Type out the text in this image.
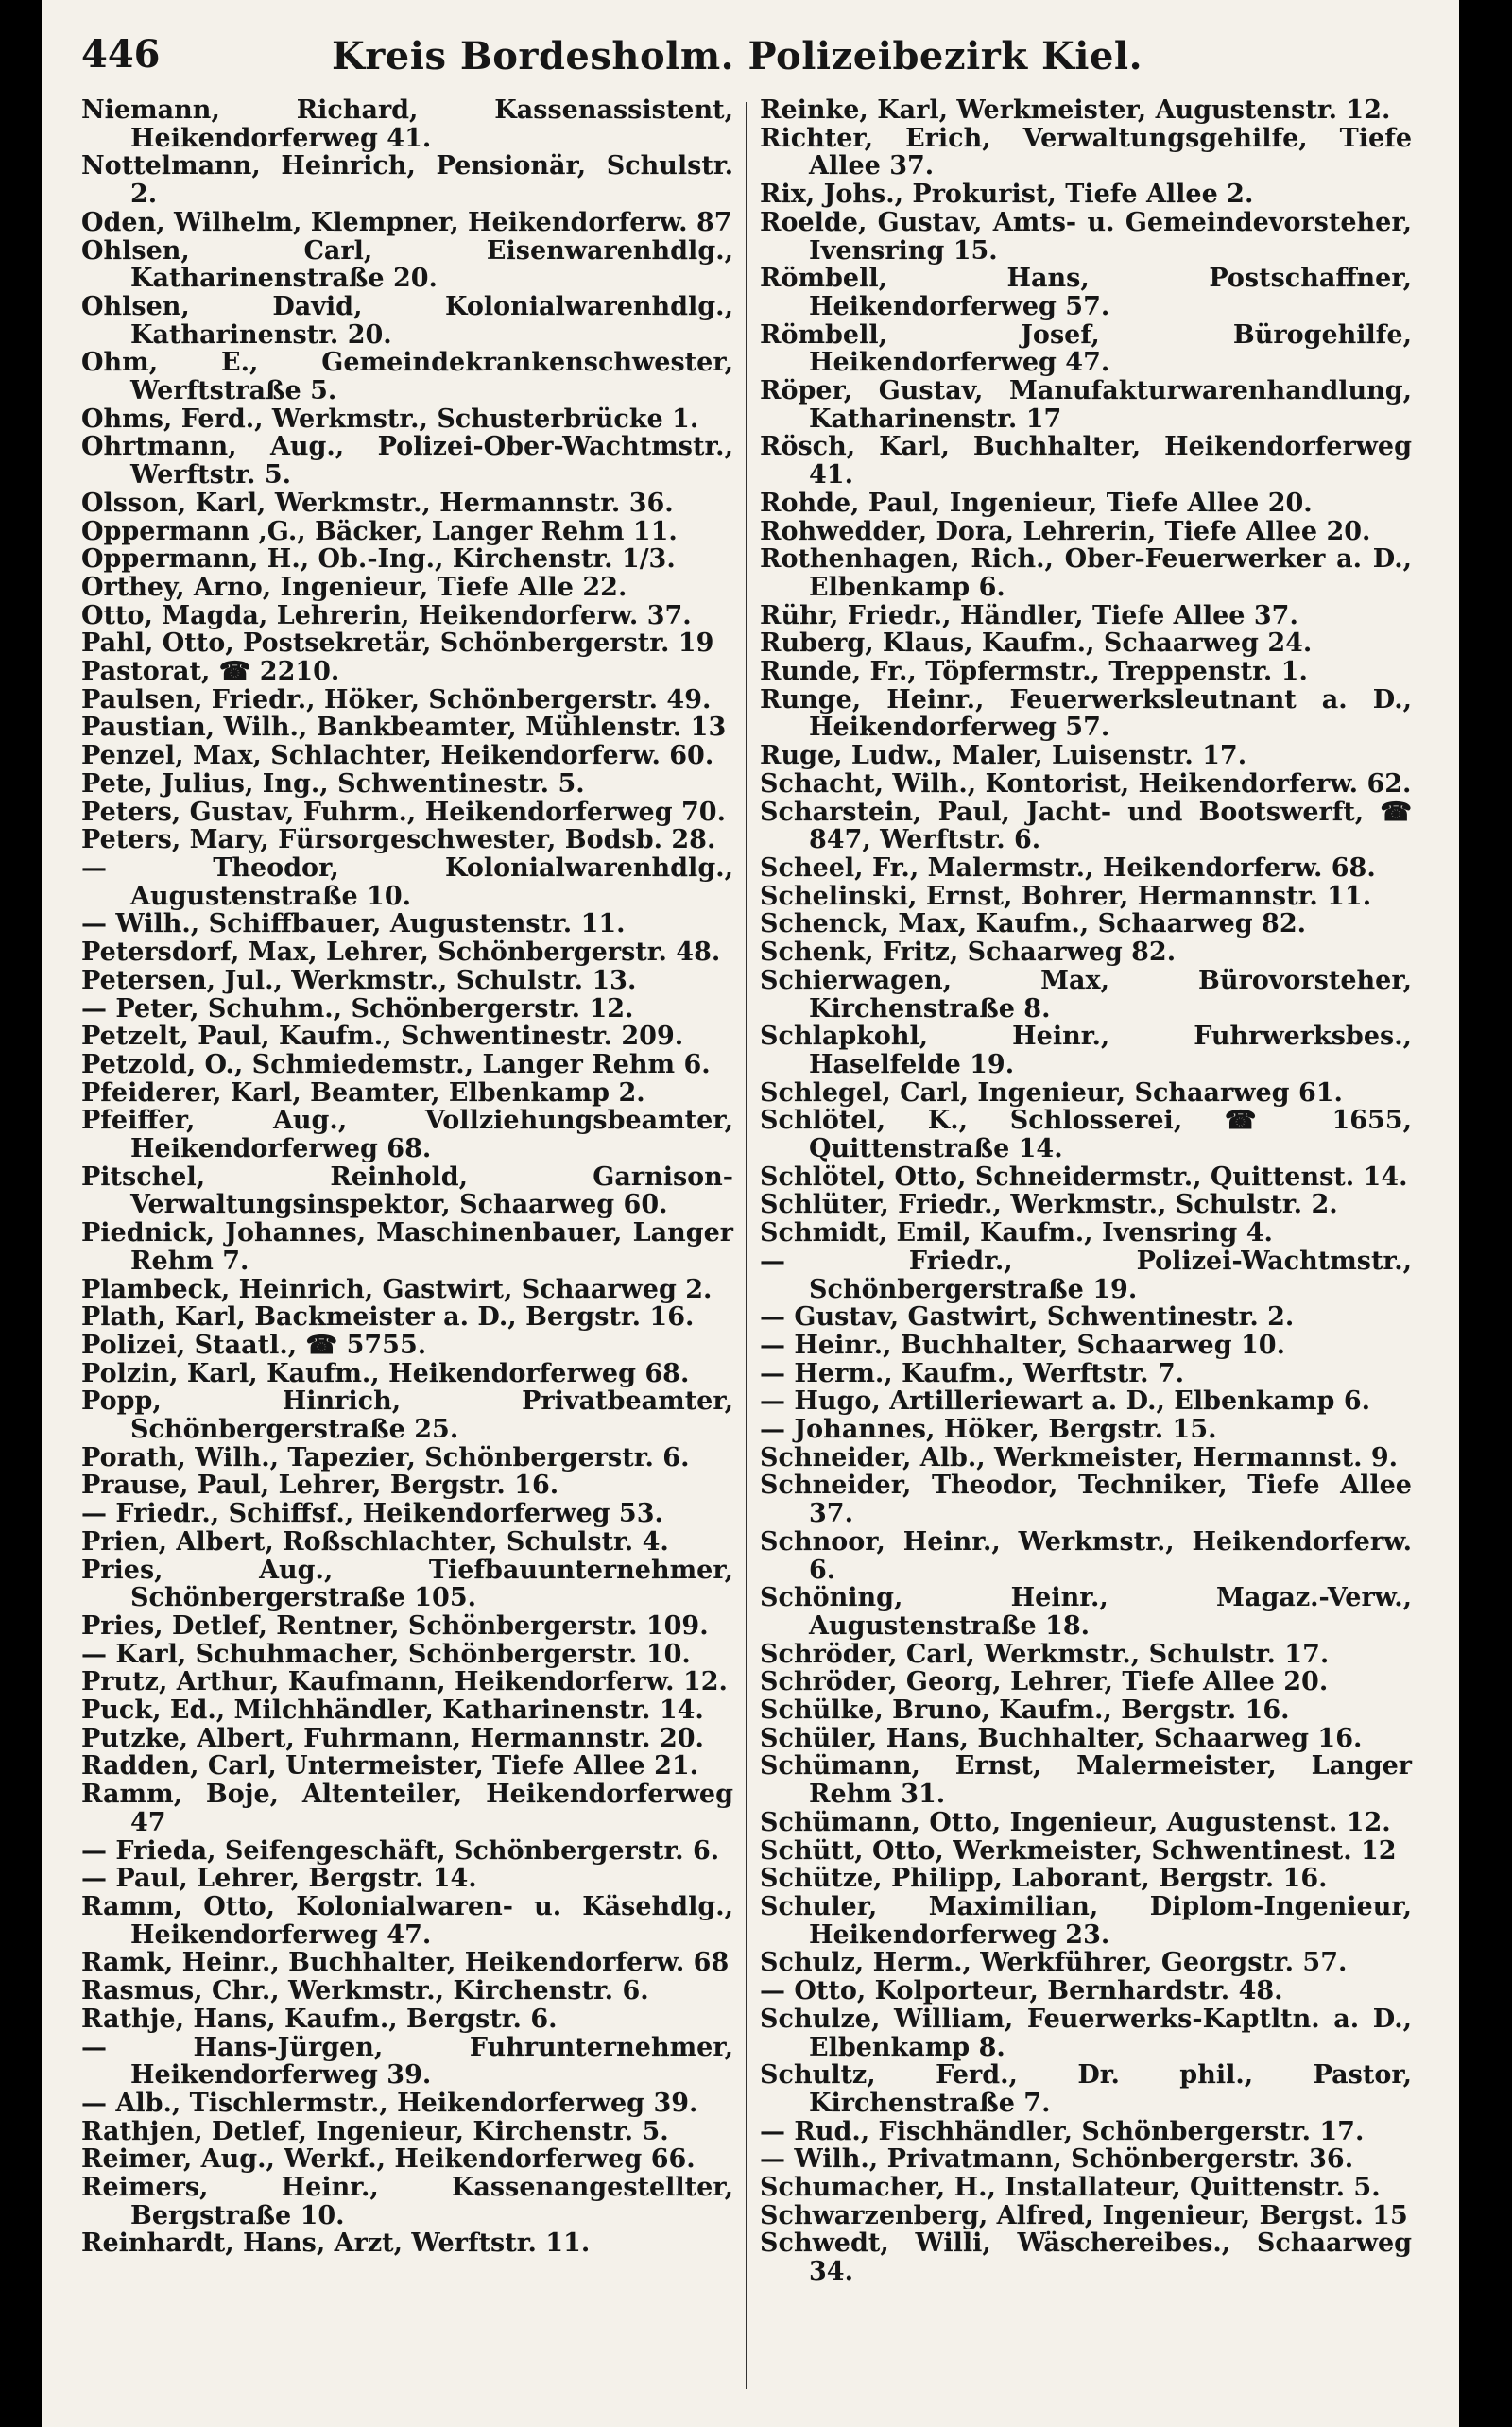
446	Kreis Bordesholm. Polizeibezirk Kiel.

Niemann, Richard, Kassenassistent, Heikendorferweg 41.

Nottelmann, Heinrich, Pensionär, Schulstr. 2.

Oden, Wilhelm, Klempner, Heikendorferw. 87

Ohlsen, Carl, Eisenwarenhdlg., Katharinenstraße 20.

Ohlsen, David, Kolonialwarenhdlg., Katharinenstr. 20.

Ohm, E., Gemeindekrankenschwester, Werftstraße 5.

Ohms, Ferd., Werkmstr., Schusterbrücke 1.

Ohrtmann, Aug., Polizei-Ober-Wachtmstr., Werftstr. 5.

Olsson, Karl, Werkmstr., Hermannstr. 36.

Oppermann ,G., Bäcker, Langer Rehm 11.

Oppermann, H., Ob.-Ing., Kirchenstr. 1/3.

Orthey, Arno, Ingenieur, Tiefe Alle 22.

Otto, Magda, Lehrerin, Heikendorferw. 37.

Pahl, Otto, Postsekretär, Schönbergerstr. 19

Pastorat, ☎ 2210.

Paulsen, Friedr., Höker, Schönbergerstr. 49.

Paustian, Wilh., Bankbeamter, Mühlenstr. 13

Penzel, Max, Schlachter, Heikendorferw. 60.

Pete, Julius, Ing., Schwentinestr. 5.

Peters, Gustav, Fuhrm., Heikendorferweg 70.

Peters, Mary, Fürsorgeschwester, Bodsb. 28.

— Theodor, Kolonialwarenhdlg., Augustenstraße 10.

— Wilh., Schiffbauer, Augustenstr. 11.

Petersdorf, Max, Lehrer, Schönbergerstr. 48.

Petersen, Jul., Werkmstr., Schulstr. 13.

— Peter, Schuhm., Schönbergerstr. 12.

Petzelt, Paul, Kaufm., Schwentinestr. 209.

Petzold, O., Schmiedemstr., Langer Rehm 6.

Pfeiderer, Karl, Beamter, Elbenkamp 2.

Pfeiffer, Aug., Vollziehungsbeamter, Heikendorferweg 68.

Pitschel, Reinhold, Garnison-Verwaltungsinspektor, Schaarweg 60.

Piednick, Johannes, Maschinenbauer, Langer Rehm 7.

Plambeck, Heinrich, Gastwirt, Schaarweg 2.

Plath, Karl, Backmeister a. D., Bergstr. 16.

Polizei, Staatl., ☎ 5755.

Polzin, Karl, Kaufm., Heikendorferweg 68.

Popp, Hinrich, Privatbeamter, Schönbergerstraße 25.

Porath, Wilh., Tapezier, Schönbergerstr. 6.

Prause, Paul, Lehrer, Bergstr. 16.

— Friedr., Schiffsf., Heikendorferweg 53.

Prien, Albert, Roßschlachter, Schulstr. 4.

Pries, Aug., Tiefbauunternehmer, Schönbergerstraße 105.

Pries, Detlef, Rentner, Schönbergerstr. 109.

— Karl, Schuhmacher, Schönbergerstr. 10.

Prutz, Arthur, Kaufmann, Heikendorferw. 12.

Puck, Ed., Milchhändler, Katharinenstr. 14.

Putzke, Albert, Fuhrmann, Hermannstr. 20.

Radden, Carl, Untermeister, Tiefe Allee 21.

Ramm, Boje, Altenteiler, Heikendorferweg 47

— Frieda, Seifengeschäft, Schönbergerstr. 6.

— Paul, Lehrer, Bergstr. 14.

Ramm, Otto, Kolonialwaren- u. Käsehdlg., Heikendorferweg 47.

Ramk, Heinr., Buchhalter, Heikendorferw. 68

Rasmus, Chr., Werkmstr., Kirchenstr. 6.

Rathje, Hans, Kaufm., Bergstr. 6.

— Hans-Jürgen, Fuhrunternehmer, Heikendorferweg 39.

— Alb., Tischlermstr., Heikendorferweg 39.

Rathjen, Detlef, Ingenieur, Kirchenstr. 5.

Reimer, Aug., Werkf., Heikendorferweg 66.

Reimers, Heinr., Kassenangestellter, Bergstraße 10.

Reinhardt, Hans, Arzt, Werftstr. 11.

Reinke, Karl, Werkmeister, Augustenstr. 12.

Richter, Erich, Verwaltungsgehilfe, Tiefe Allee 37.

Rix, Johs., Prokurist, Tiefe Allee 2.

Roelde, Gustav, Amts- u. Gemeindevorsteher, Ivensring 15.

Römbell, Hans, Postschaffner, Heikendorferweg 57.

Römbell, Josef, Bürogehilfe, Heikendorferweg 47.

Röper, Gustav, Manufakturwarenhandlung, Katharinenstr. 17

Rösch, Karl, Buchhalter, Heikendorferweg 41.

Rohde, Paul, Ingenieur, Tiefe Allee 20.

Rohwedder, Dora, Lehrerin, Tiefe Allee 20.

Rothenhagen, Rich., Ober-Feuerwerker a. D., Elbenkamp 6.

Rühr, Friedr., Händler, Tiefe Allee 37.

Ruberg, Klaus, Kaufm., Schaarweg 24.

Runde, Fr., Töpfermstr., Treppenstr. 1.

Runge, Heinr., Feuerwerksleutnant a. D., Heikendorferweg 57.

Ruge, Ludw., Maler, Luisenstr. 17.

Schacht, Wilh., Kontorist, Heikendorferw. 62.

Scharstein, Paul, Jacht- und Bootswerft, ☎ 847, Werftstr. 6.

Scheel, Fr., Malermstr., Heikendorferw. 68.

Schelinski, Ernst, Bohrer, Hermannstr. 11.

Schenck, Max, Kaufm., Schaarweg 82.

Schenk, Fritz, Schaarweg 82.

Schierwagen, Max, Bürovorsteher, Kirchenstraße 8.

Schlapkohl, Heinr., Fuhrwerksbes., Haselfelde 19.

Schlegel, Carl, Ingenieur, Schaarweg 61.

Schlötel, K., Schlosserei, ☎ 1655, Quittenstraße 14.

Schlötel, Otto, Schneidermstr., Quittenst. 14.

Schlüter, Friedr., Werkmstr., Schulstr. 2.

Schmidt, Emil, Kaufm., Ivensring 4.

— Friedr., Polizei-Wachtmstr., Schönbergerstraße 19.

— Gustav, Gastwirt, Schwentinestr. 2.

— Heinr., Buchhalter, Schaarweg 10.

— Herm., Kaufm., Werftstr. 7.

— Hugo, Artilleriewart a. D., Elbenkamp 6.

— Johannes, Höker, Bergstr. 15.

Schneider, Alb., Werkmeister, Hermannst. 9.

Schneider, Theodor, Techniker, Tiefe Allee 37.

Schnoor, Heinr., Werkmstr., Heikendorferw. 6.

Schöning, Heinr., Magaz.-Verw., Augustenstraße 18.

Schröder, Carl, Werkmstr., Schulstr. 17.

Schröder, Georg, Lehrer, Tiefe Allee 20.

Schülke, Bruno, Kaufm., Bergstr. 16.

Schüler, Hans, Buchhalter, Schaarweg 16.

Schümann, Ernst, Malermeister, Langer Rehm 31.

Schümann, Otto, Ingenieur, Augustenst. 12.

Schütt, Otto, Werkmeister, Schwentinest. 12

Schütze, Philipp, Laborant, Bergstr. 16.

Schuler, Maximilian, Diplom-Ingenieur, Heikendorferweg 23.

Schulz, Herm., Werkführer, Georgstr. 57.

— Otto, Kolporteur, Bernhardstr. 48.

Schulze, William, Feuerwerks-Kaptltn. a. D., Elbenkamp 8.

Schultz, Ferd., Dr. phil., Pastor, Kirchenstraße 7.

— Rud., Fischhändler, Schönbergerstr. 17.

— Wilh., Privatmann, Schönbergerstr. 36.

Schumacher, H., Installateur, Quittenstr. 5.

Schwarzenberg, Alfred, Ingenieur, Bergst. 15

Schwedt, Willi, Wäschereibes., Schaarweg 34.
